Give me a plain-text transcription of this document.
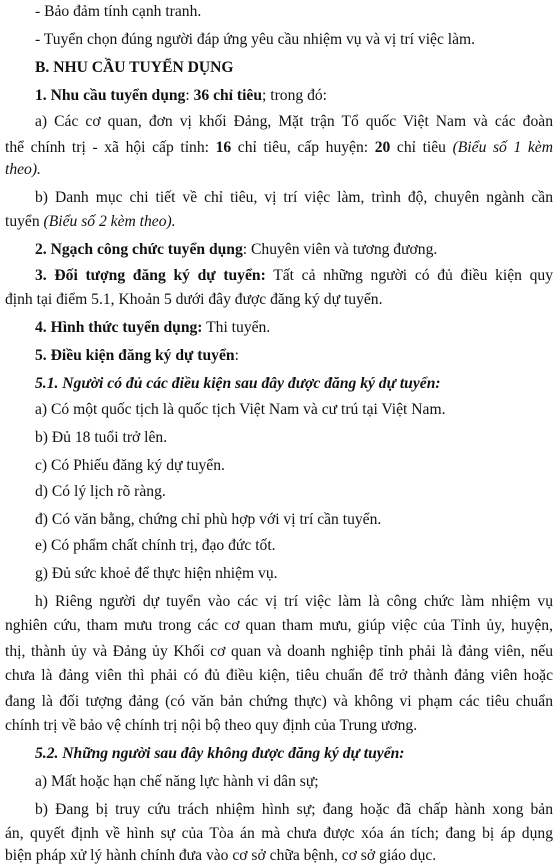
- Bảo đảm tính cạnh tranh.

- Tuyển chọn đúng người đáp ứng yêu cầu nhiệm vụ và vị trí việc làm.

B. NHU CẦU TUYỂN DỤNG

1. Nhu cầu tuyển dụng: 36 chỉ tiêu; trong đó:

a) Các cơ quan, đơn vị khối Đảng, Mặt trận Tổ quốc Việt Nam và các đoàn

thể chính trị - xã hội cấp tỉnh: 16 chỉ tiêu, cấp huyện: 20 chỉ tiêu (Biểu số 1 kèm

theo).

b) Danh mục chi tiết về chỉ tiêu, vị trí việc làm, trình độ, chuyên ngành cần

tuyển (Biểu số 2 kèm theo).

2. Ngạch công chức tuyển dụng: Chuyên viên và tương đương.

3. Đối tượng đăng ký dự tuyển: Tất cả những người có đủ điều kiện quy

định tại điểm 5.1, Khoản 5 dưới đây được đăng ký dự tuyển.

4. Hình thức tuyển dụng: Thi tuyển.

5. Điều kiện đăng ký dự tuyển:

5.1. Người có đủ các điều kiện sau đây được đăng ký dự tuyển:

a) Có một quốc tịch là quốc tịch Việt Nam và cư trú tại Việt Nam.

b) Đủ 18 tuổi trở lên.

c) Có Phiếu đăng ký dự tuyển.

d) Có lý lịch rõ ràng.

đ) Có văn bằng, chứng chỉ phù hợp với vị trí cần tuyển.

e) Có phẩm chất chính trị, đạo đức tốt.

g) Đủ sức khoẻ để thực hiện nhiệm vụ.

h) Riêng người dự tuyển vào các vị trí việc làm là công chức làm nhiệm vụ

nghiên cứu, tham mưu trong các cơ quan tham mưu, giúp việc của Tỉnh ủy, huyện,

thị, thành ủy và Đảng ủy Khối cơ quan và doanh nghiệp tỉnh phải là đảng viên, nếu

chưa là đảng viên thì phải có đủ điều kiện, tiêu chuẩn để trở thành đảng viên hoặc

đang là đối tượng đảng (có văn bản chứng thực) và không vi phạm các tiêu chuẩn

chính trị về bảo vệ chính trị nội bộ theo quy định của Trung ương.

5.2. Những người sau đây không được đăng ký dự tuyển:

a) Mất hoặc hạn chế năng lực hành vi dân sự;

b) Đang bị truy cứu trách nhiệm hình sự; đang hoặc đã chấp hành xong bản

án, quyết định về hình sự của Tòa án mà chưa được xóa án tích; đang bị áp dụng

biện pháp xử lý hành chính đưa vào cơ sở chữa bệnh, cơ sở giáo dục.
